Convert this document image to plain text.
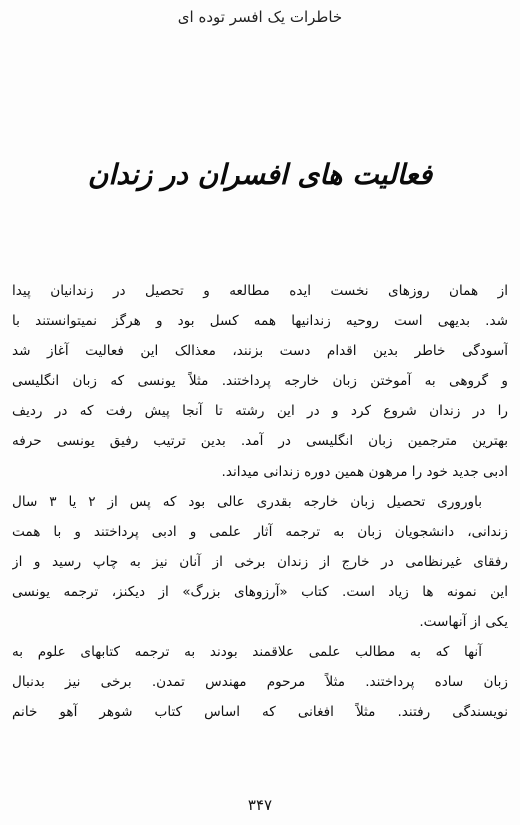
خاطرات یک افسر توده ای
فعالیت های افسران در زندان
از همان روزهای نخست ایده مطالعه و تحصیل در زندانیان پیدا
شد. بدیهی است روحیه زندانیها همه کسل بود و هرگز نمیتوانستند با
آسودگی خاطر بدین اقدام دست بزنند، معذالک این فعالیت آغاز شد
و گروهی به آموختن زبان خارجه پرداختند. مثلاً یونسی که زبان انگلیسی
را در زندان شروع کرد و در این رشته تا آنجا پیش رفت که در ردیف
بهترین مترجمین زبان انگلیسی در آمد. بدین ترتیب رفیق یونسی حرفه
ادبی جدید خود را مرهون همین دوره زندانی میداند.
باوروری تحصیل زبان خارجه بقدری عالی بود که پس از ۲ یا ۳ سال
زندانی، دانشجویان زبان به ترجمه آثار علمی و ادبی پرداختند و با همت
رفقای غیرنظامی در خارج از زندان برخی از آنان نیز به چاپ رسید و از
این نمونه ها زیاد است. کتاب «آرزوهای بزرگ» از دیکنز، ترجمه یونسی
یکی از آنهاست.
آنها که به مطالب علمی علاقمند بودند به ترجمه کتابهای علوم به
زبان ساده پرداختند. مثلاً مرحوم مهندس تمدن. برخی نیز بدنبال
نویسندگی رفتند. مثلاً افغانی که اساس کتاب شوهر آهو خانم
۳۴۷
